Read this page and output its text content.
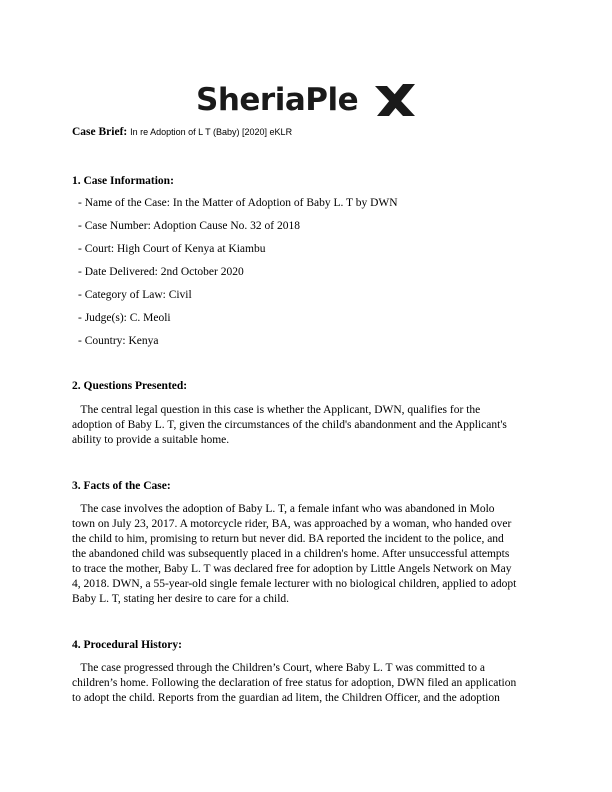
SheriaPle
Case Brief: In re Adoption of L T (Baby) [2020] eKLR
1. Case Information:
- Name of the Case: In the Matter of Adoption of Baby L. T by DWN
- Case Number: Adoption Cause No. 32 of 2018
- Court: High Court of Kenya at Kiambu
- Date Delivered: 2nd October 2020
- Category of Law: Civil
- Judge(s): C. Meoli
- Country: Kenya
2. Questions Presented:
The central legal question in this case is whether the Applicant, DWN, qualifies for the
adoption of Baby L. T, given the circumstances of the child's abandonment and the Applicant's
ability to provide a suitable home.
3. Facts of the Case:
The case involves the adoption of Baby L. T, a female infant who was abandoned in Molo
town on July 23, 2017. A motorcycle rider, BA, was approached by a woman, who handed over
the child to him, promising to return but never did. BA reported the incident to the police, and
the abandoned child was subsequently placed in a children's home. After unsuccessful attempts
to trace the mother, Baby L. T was declared free for adoption by Little Angels Network on May
4, 2018. DWN, a 55-year-old single female lecturer with no biological children, applied to adopt
Baby L. T, stating her desire to care for a child.
4. Procedural History:
The case progressed through the Children’s Court, where Baby L. T was committed to a
children’s home. Following the declaration of free status for adoption, DWN filed an application
to adopt the child. Reports from the guardian ad litem, the Children Officer, and the adoption
